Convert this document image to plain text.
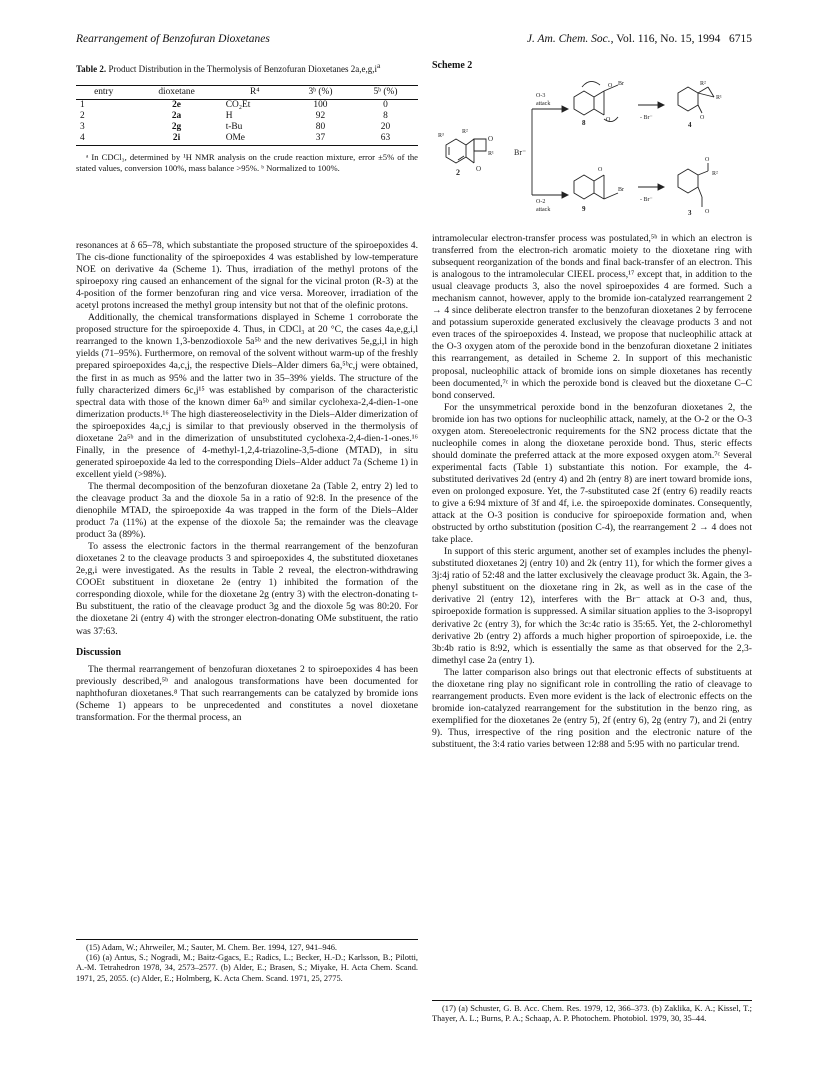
Rearrangement of Benzofuran Dioxetanes	J. Am. Chem. Soc., Vol. 116, No. 15, 1994 6715
Table 2. Product Distribution in the Thermolysis of Benzofuran Dioxetanes $2a,e,g,i^a$
entry	dioxetane	R⁴	3ᵇ (%)	5ᵇ (%)
1	2e	CO₂Et	100	0
2	2a	H	92	8
3	2g	t-Bu	80	20
4	2i	OMe	37	63

ᵃ In CDCl₃, determined by ¹H NMR analysis on the crude reaction mixture, error ±5% of the stated values, conversion 100%, mass balance >95%. ᵇ Normalized to 100%.

Scheme 2
R³
R²
R¹
O
O
2
Br⁻
O-3
attack
O-2
attack
O Br
O
8
- Br⁻
R²
R¹
O
4
O
Br
9
- Br⁻
R²
O
O
3

resonances at δ 65–78, which substantiate the proposed structure of the spiroepoxides 4. The cis-dione functionality of the spiroepoxides 4 was established by low-temperature NOE on derivative 4a (Scheme 1). Thus, irradiation of the methyl protons of the spiroepoxy ring caused an enhancement of the signal for the vicinal proton (R-3) at the 4-position of the former benzofuran ring and vice versa. Moreover, irradiation of the acetyl protons increased the methyl group intensity but not that of the olefinic protons.

Additionally, the chemical transformations displayed in Scheme 1 corroborate the proposed structure for the spiroepoxide 4. Thus, in CDCl₃ at 20 °C, the cases 4a,e,g,i,l rearranged to the known 1,3-benzodioxole 5a⁵ᵇ and the new derivatives 5e,g,i,l in high yields (71–95%). Furthermore, on removal of the solvent without warm-up of the freshly prepared spiroepoxides 4a,c,j, the respective Diels–Alder dimers 6a,⁵ᵇc,j were obtained, the first in as much as 95% and the latter two in 35–39% yields. The structure of the fully characterized dimers 6c,j¹⁵ was established by comparison of the characteristic spectral data with those of the known dimer 6a⁵ᵇ and similar cyclohexa-2,4-dien-1-one dimerization products.¹⁶ The high diastereoselectivity in the Diels–Alder dimerization of the spiroepoxides 4a,c,j is similar to that previously observed in the thermolysis of dioxetane 2a⁵ᵇ and in the dimerization of unsubstituted cyclohexa-2,4-dien-1-ones.¹⁶ Finally, in the presence of 4-methyl-1,2,4-triazoline-3,5-dione (MTAD), in situ generated spiroepoxide 4a led to the corresponding Diels–Alder adduct 7a (Scheme 1) in excellent yield (>98%).

The thermal decomposition of the benzofuran dioxetane 2a (Table 2, entry 2) led to the cleavage product 3a and the dioxole 5a in a ratio of 92:8. In the presence of the dienophile MTAD, the spiroepoxide 4a was trapped in the form of the Diels–Alder product 7a (11%) at the expense of the dioxole 5a; the remainder was the cleavage product 3a (89%).

To assess the electronic factors in the thermal rearrangement of the benzofuran dioxetanes 2 to the cleavage products 3 and spiroepoxides 4, the substituted dioxetanes 2e,g,i were investigated. As the results in Table 2 reveal, the electron-withdrawing COOEt substituent in dioxetane 2e (entry 1) inhibited the formation of the corresponding dioxole, while for the dioxetane 2g (entry 3) with the electron-donating t-Bu substituent, the ratio of the cleavage product 3g and the dioxole 5g was 80:20. For the dioxetane 2i (entry 4) with the stronger electron-donating OMe substituent, the ratio was 37:63.

Discussion

The thermal rearrangement of benzofuran dioxetanes 2 to spiroepoxides 4 has been previously described,⁵ᵇ and analogous transformations have been documented for naphthofuran dioxetanes.⁸ That such rearrangements can be catalyzed by bromide ions (Scheme 1) appears to be unprecedented and constitutes a novel dioxetane transformation. For the thermal process, an

intramolecular electron-transfer process was postulated,⁵ᵇ in which an electron is transferred from the electron-rich aromatic moiety to the dioxetane ring with subsequent reorganization of the bonds and final back-transfer of an electron. This is analogous to the intramolecular CIEEL process,¹⁷ except that, in addition to the usual cleavage products 3, also the novel spiroepoxides 4 are formed. Such a mechanism cannot, however, apply to the bromide ion-catalyzed rearrangement 2 → 4 since deliberate electron transfer to the benzofuran dioxetanes 2 by ferrocene and potassium superoxide generated exclusively the cleavage products 3 and not even traces of the spiroepoxides 4. Instead, we propose that nucleophilic attack at the O-3 oxygen atom of the peroxide bond in the benzofuran dioxetane 2 initiates this rearrangement, as detailed in Scheme 2. In support of this mechanistic proposal, nucleophilic attack of bromide ions on simple dioxetanes has recently been documented,⁷ᶜ in which the peroxide bond is cleaved but the dioxetane C–C bond conserved.

For the unsymmetrical peroxide bond in the benzofuran dioxetanes 2, the bromide ion has two options for nucleophilic attack, namely, at the O-2 or the O-3 oxygen atom. Stereoelectronic requirements for the SN2 process dictate that the nucleophile comes in along the dioxetane peroxide bond. Thus, steric effects should dominate the preferred attack at the more exposed oxygen atom.⁷ᶜ Several experimental facts (Table 1) substantiate this notion. For example, the 4-substituted derivatives 2d (entry 4) and 2h (entry 8) are inert toward bromide ions, even on prolonged exposure. Yet, the 7-substituted case 2f (entry 6) readily reacts to give a 6:94 mixture of 3f and 4f, i.e. the spiroepoxide dominates. Consequently, attack at the O-3 position is conducive for spiroepoxide formation and, when obstructed by ortho substitution (position C-4), the rearrangement 2 → 4 does not take place.

In support of this steric argument, another set of examples includes the phenyl-substituted dioxetanes 2j (entry 10) and 2k (entry 11), for which the former gives a 3j:4j ratio of 52:48 and the latter exclusively the cleavage product 3k. Again, the 3-phenyl substituent on the dioxetane ring in 2k, as well as in the case of the derivative 2l (entry 12), interferes with the Br⁻ attack at O-3 and, thus, spiroepoxide formation is suppressed. A similar situation applies to the 3-isopropyl derivative 2c (entry 3), for which the 3c:4c ratio is 35:65. Yet, the 2-chloromethyl derivative 2b (entry 2) affords a much higher proportion of spiroepoxide, i.e. the 3b:4b ratio is 8:92, which is essentially the same as that observed for the 2,3-dimethyl case 2a (entry 1).

The latter comparison also brings out that electronic effects of substituents at the dioxetane ring play no significant role in controlling the ratio of cleavage to rearrangement products. Even more evident is the lack of electronic effects on the bromide ion-catalyzed rearrangement for the substitution in the benzo ring, as exemplified for the dioxetanes 2e (entry 5), 2f (entry 6), 2g (entry 7), and 2i (entry 9). Thus, irrespective of the ring position and the electronic nature of the substituent, the 3:4 ratio varies between 12:88 and 5:95 with no particular trend.

(15) Adam, W.; Ahrweiler, M.; Sauter, M. Chem. Ber. 1994, 127, 941–946.

(16) (a) Antus, S.; Nogradi, M.; Baitz-Ggacs, E.; Radics, L.; Becker, H.-D.; Karlsson, B.; Pilotti, A.-M. Tetrahedron 1978, 34, 2573–2577. (b) Alder, E.; Brasen, S.; Miyake, H. Acta Chem. Scand. 1971, 25, 2055. (c) Alder, E.; Holmberg, K. Acta Chem. Scand. 1971, 25, 2775.

(17) (a) Schuster, G. B. Acc. Chem. Res. 1979, 12, 366–373. (b) Zaklika, K. A.; Kissel, T.; Thayer, A. L.; Burns, P. A.; Schaap, A. P. Photochem. Photobiol. 1979, 30, 35–44.
